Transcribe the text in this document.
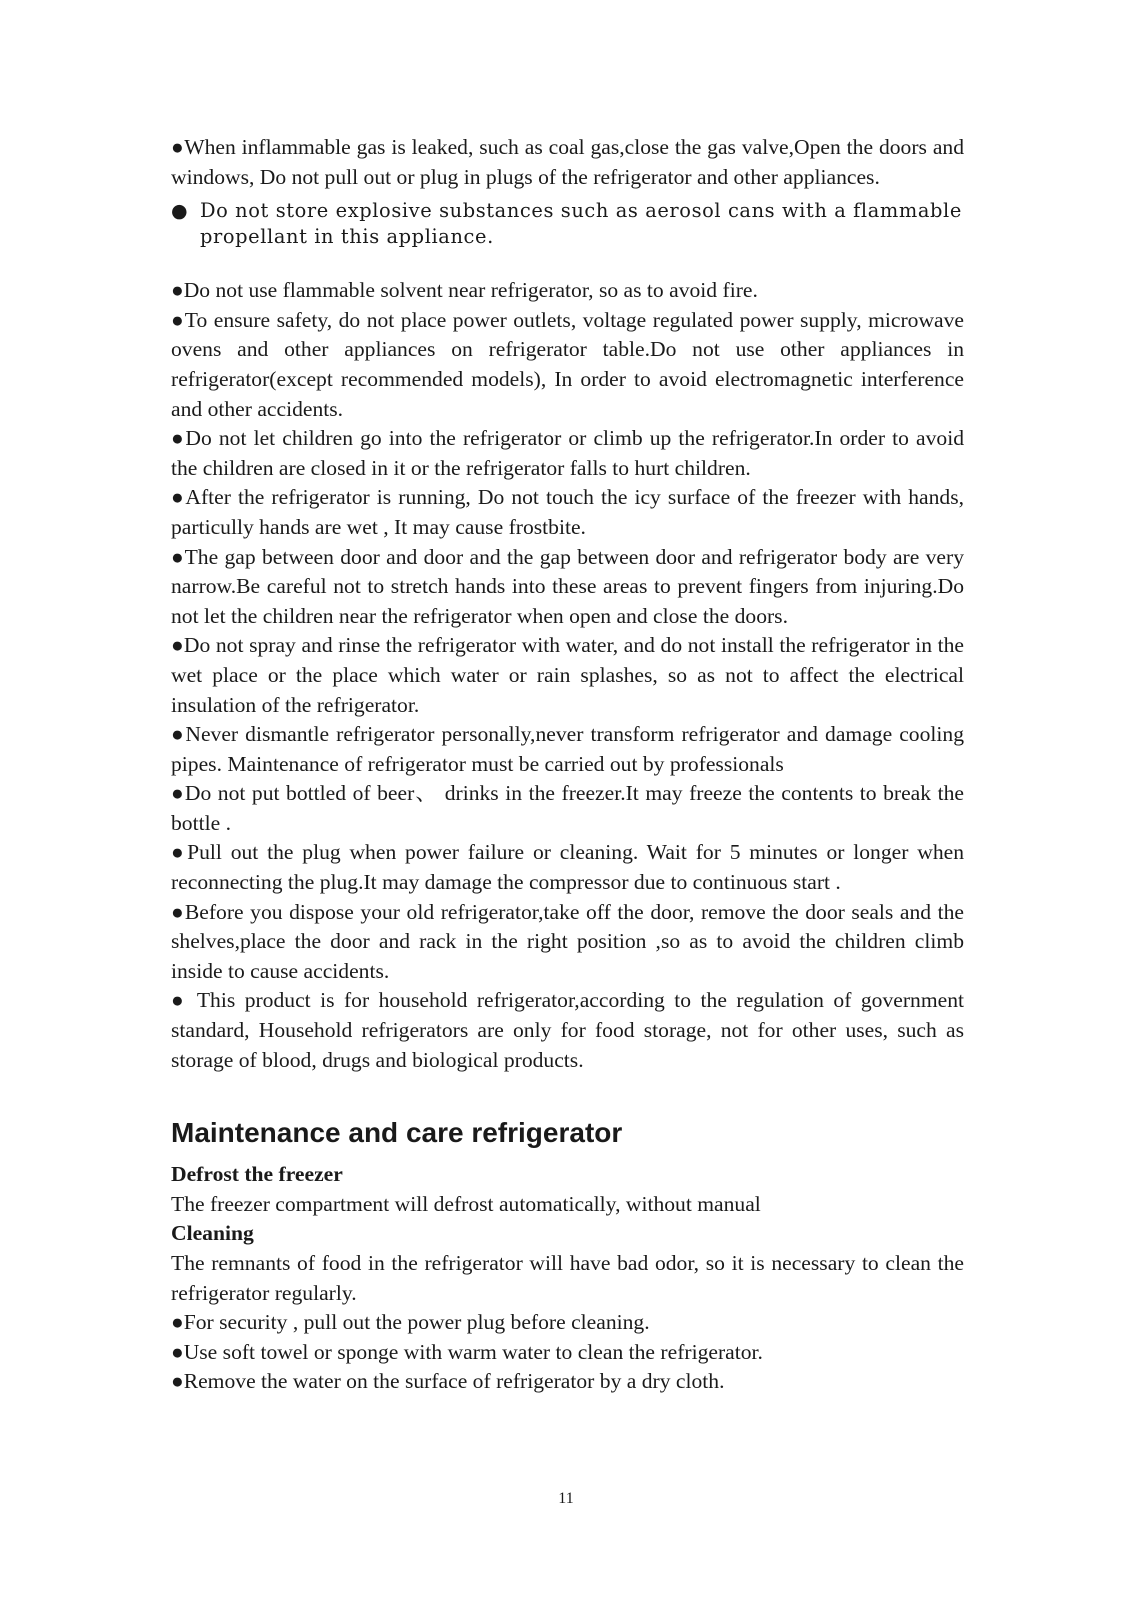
●When inflammable gas is leaked, such as coal gas,close the gas valve,Open the doors and windows, Do not pull out or plug in plugs of the refrigerator and other appliances.

● Do not store explosive substances such as aerosol cans with a flammable propellant in this appliance.

●Do not use flammable solvent near refrigerator, so as to avoid fire.

●To ensure safety, do not place power outlets, voltage regulated power supply, microwave ovens and other appliances on refrigerator table.Do not use other appliances in refrigerator(except recommended models), In order to avoid electromagnetic interference and other accidents.

●Do not let children go into the refrigerator or climb up the refrigerator.In order to avoid the children are closed in it or the refrigerator falls to hurt children.

●After the refrigerator is running, Do not touch the icy surface of the freezer with hands, particully hands are wet , It may cause frostbite.

●The gap between door and door and the gap between door and refrigerator body are very narrow.Be careful not to stretch hands into these areas to prevent fingers from injuring.Do not let the children near the refrigerator when open and close the doors.

●Do not spray and rinse the refrigerator with water, and do not install the refrigerator in the wet place or the place which water or rain splashes, so as not to affect the electrical insulation of the refrigerator.

●Never dismantle refrigerator personally,never transform refrigerator and damage cooling pipes. Maintenance of refrigerator must be carried out by professionals

●Do not put bottled of beer、 drinks in the freezer.It may freeze the contents to break the bottle .

●Pull out the plug when power failure or cleaning. Wait for 5 minutes or longer when reconnecting the plug.It may damage the compressor due to continuous start .

●Before you dispose your old refrigerator,take off the door, remove the door seals and the shelves,place the door and rack in the right position ,so as to avoid the children climb inside to cause accidents.

● This product is for household refrigerator,according to the regulation of government standard, Household refrigerators are only for food storage, not for other uses, such as storage of blood, drugs and biological products.

Maintenance and care refrigerator

Defrost the freezer

The freezer compartment will defrost automatically, without manual

Cleaning

The remnants of food in the refrigerator will have bad odor, so it is necessary to clean the refrigerator regularly.

●For security , pull out the power plug before cleaning.

●Use soft towel or sponge with warm water to clean the refrigerator.

●Remove the water on the surface of refrigerator by a dry cloth.

11
